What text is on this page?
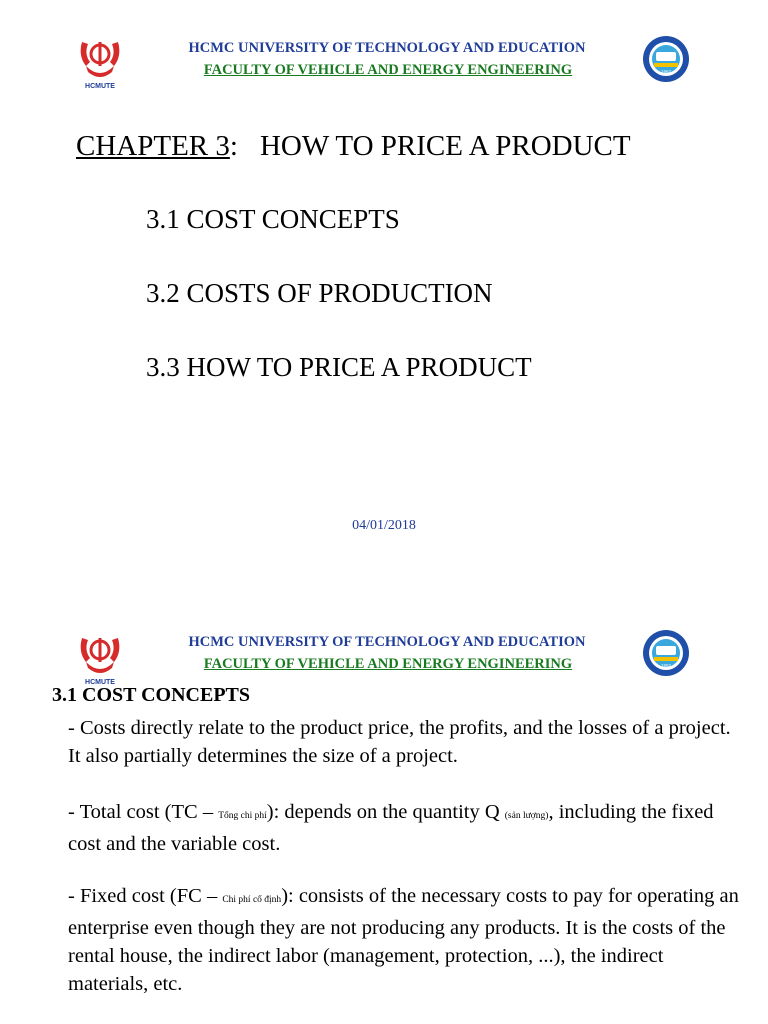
HCMUTE
HCMC UNIVERSITY OF TECHNOLOGY AND EDUCATION
FACULTY OF VEHICLE AND ENERGY ENGINEERING	1962
CHAPTER 3: HOW TO PRICE A PRODUCT
3.1 COST CONCEPTS
3.2 COSTS OF PRODUCTION
3.3 HOW TO PRICE A PRODUCT
04/01/2018
HCMUTE
HCMC UNIVERSITY OF TECHNOLOGY AND EDUCATION
FACULTY OF VEHICLE AND ENERGY ENGINEERING	1962
3.1 COST CONCEPTS
- Costs directly relate to the product price, the profits, and the losses of a project. It also partially determines the size of a project.
- Total cost (TC – Tổng chi phí): depends on the quantity Q (sản lượng), including the fixed cost and the variable cost.
- Fixed cost (FC – Chi phí cố định): consists of the necessary costs to pay for operating an enterprise even though they are not producing any products. It is the costs of the rental house, the indirect labor (management, protection, ...), the indirect materials, etc.
